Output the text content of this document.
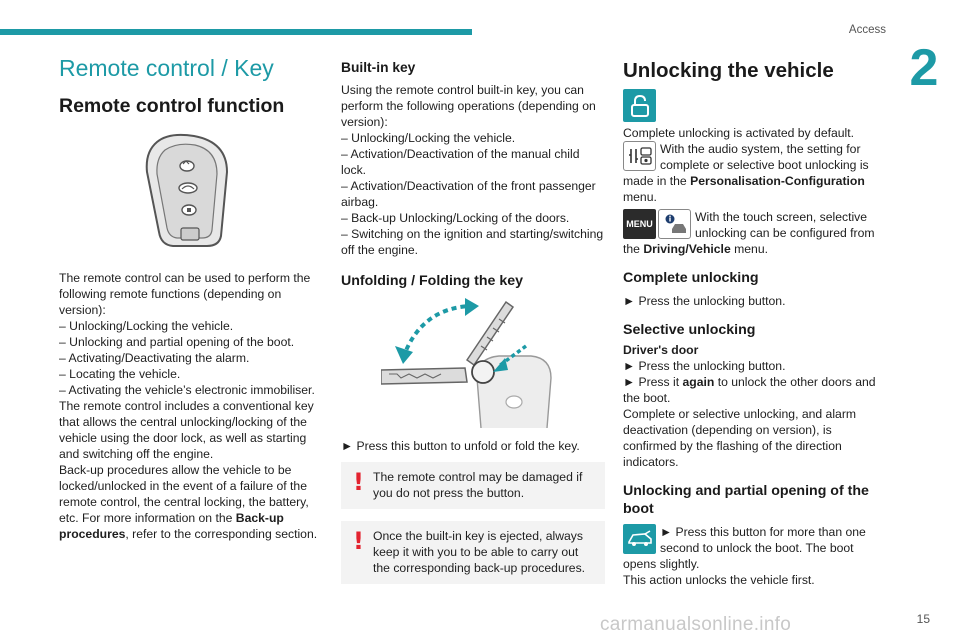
Access
2
Remote control / Key
Remote control function
The remote control can be used to perform the following remote functions (depending on version):
– Unlocking/Locking the vehicle.
– Unlocking and partial opening of the boot.
– Activating/Deactivating the alarm.
– Locating the vehicle.
– Activating the vehicle’s electronic immobiliser.
The remote control includes a conventional key that allows the central unlocking/locking of the vehicle using the door lock, as well as starting and switching off the engine.
Back-up procedures allow the vehicle to be locked/unlocked in the event of a failure of the remote control, the central locking, the battery, etc. For more information on the Back-up procedures, refer to the corresponding section.
Built-in key
Using the remote control built-in key, you can perform the following operations (depending on version):
– Unlocking/Locking the vehicle.
– Activation/Deactivation of the manual child lock.
– Activation/Deactivation of the front passenger airbag.
– Back-up Unlocking/Locking of the doors.
– Switching on the ignition and starting/switching off the engine.
Unfolding / Folding the key
► Press this button to unfold or fold the key.
! The remote control may be damaged if you do not press the button.
! Once the built-in key is ejected, always keep it with you to be able to carry out the corresponding back-up procedures.
Unlocking the vehicle
Complete unlocking is activated by default.
With the audio system, the setting for complete or selective boot unlocking is made in the Personalisation-Configuration menu.
MENU	With the touch screen, selective unlocking can be configured from the Driving/Vehicle menu.
Complete unlocking
► Press the unlocking button.
Selective unlocking
Driver's door
► Press the unlocking button.
► Press it again to unlock the other doors and the boot.
Complete or selective unlocking, and alarm deactivation (depending on version), is confirmed by the flashing of the direction indicators.
Unlocking and partial opening of the boot
► Press this button for more than one second to unlock the boot. The boot opens slightly.
This action unlocks the vehicle first.
carmanualsonline.info	15
